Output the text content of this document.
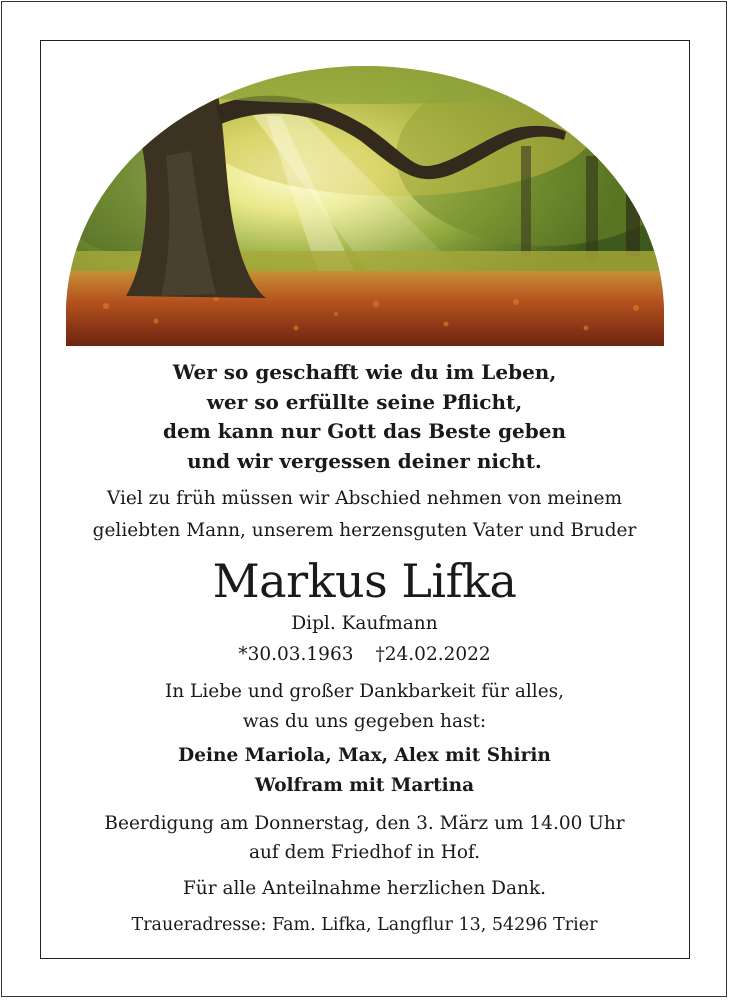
Wer so geschafft wie du im Leben,

wer so erfüllte seine Pflicht,

dem kann nur Gott das Beste geben

und wir vergessen deiner nicht.

Viel zu früh müssen wir Abschied nehmen von meinem

geliebten Mann, unserem herzensguten Vater und Bruder

Markus Lifka

Dipl. Kaufmann

*30.03.1963 †24.02.2022

In Liebe und großer Dankbarkeit für alles,

was du uns gegeben hast:

Deine Mariola, Max, Alex mit Shirin

Wolfram mit Martina

Beerdigung am Donnerstag, den 3. März um 14.00 Uhr

auf dem Friedhof in Hof.

Für alle Anteilnahme herzlichen Dank.

Traueradresse: Fam. Lifka, Langflur 13, 54296 Trier
